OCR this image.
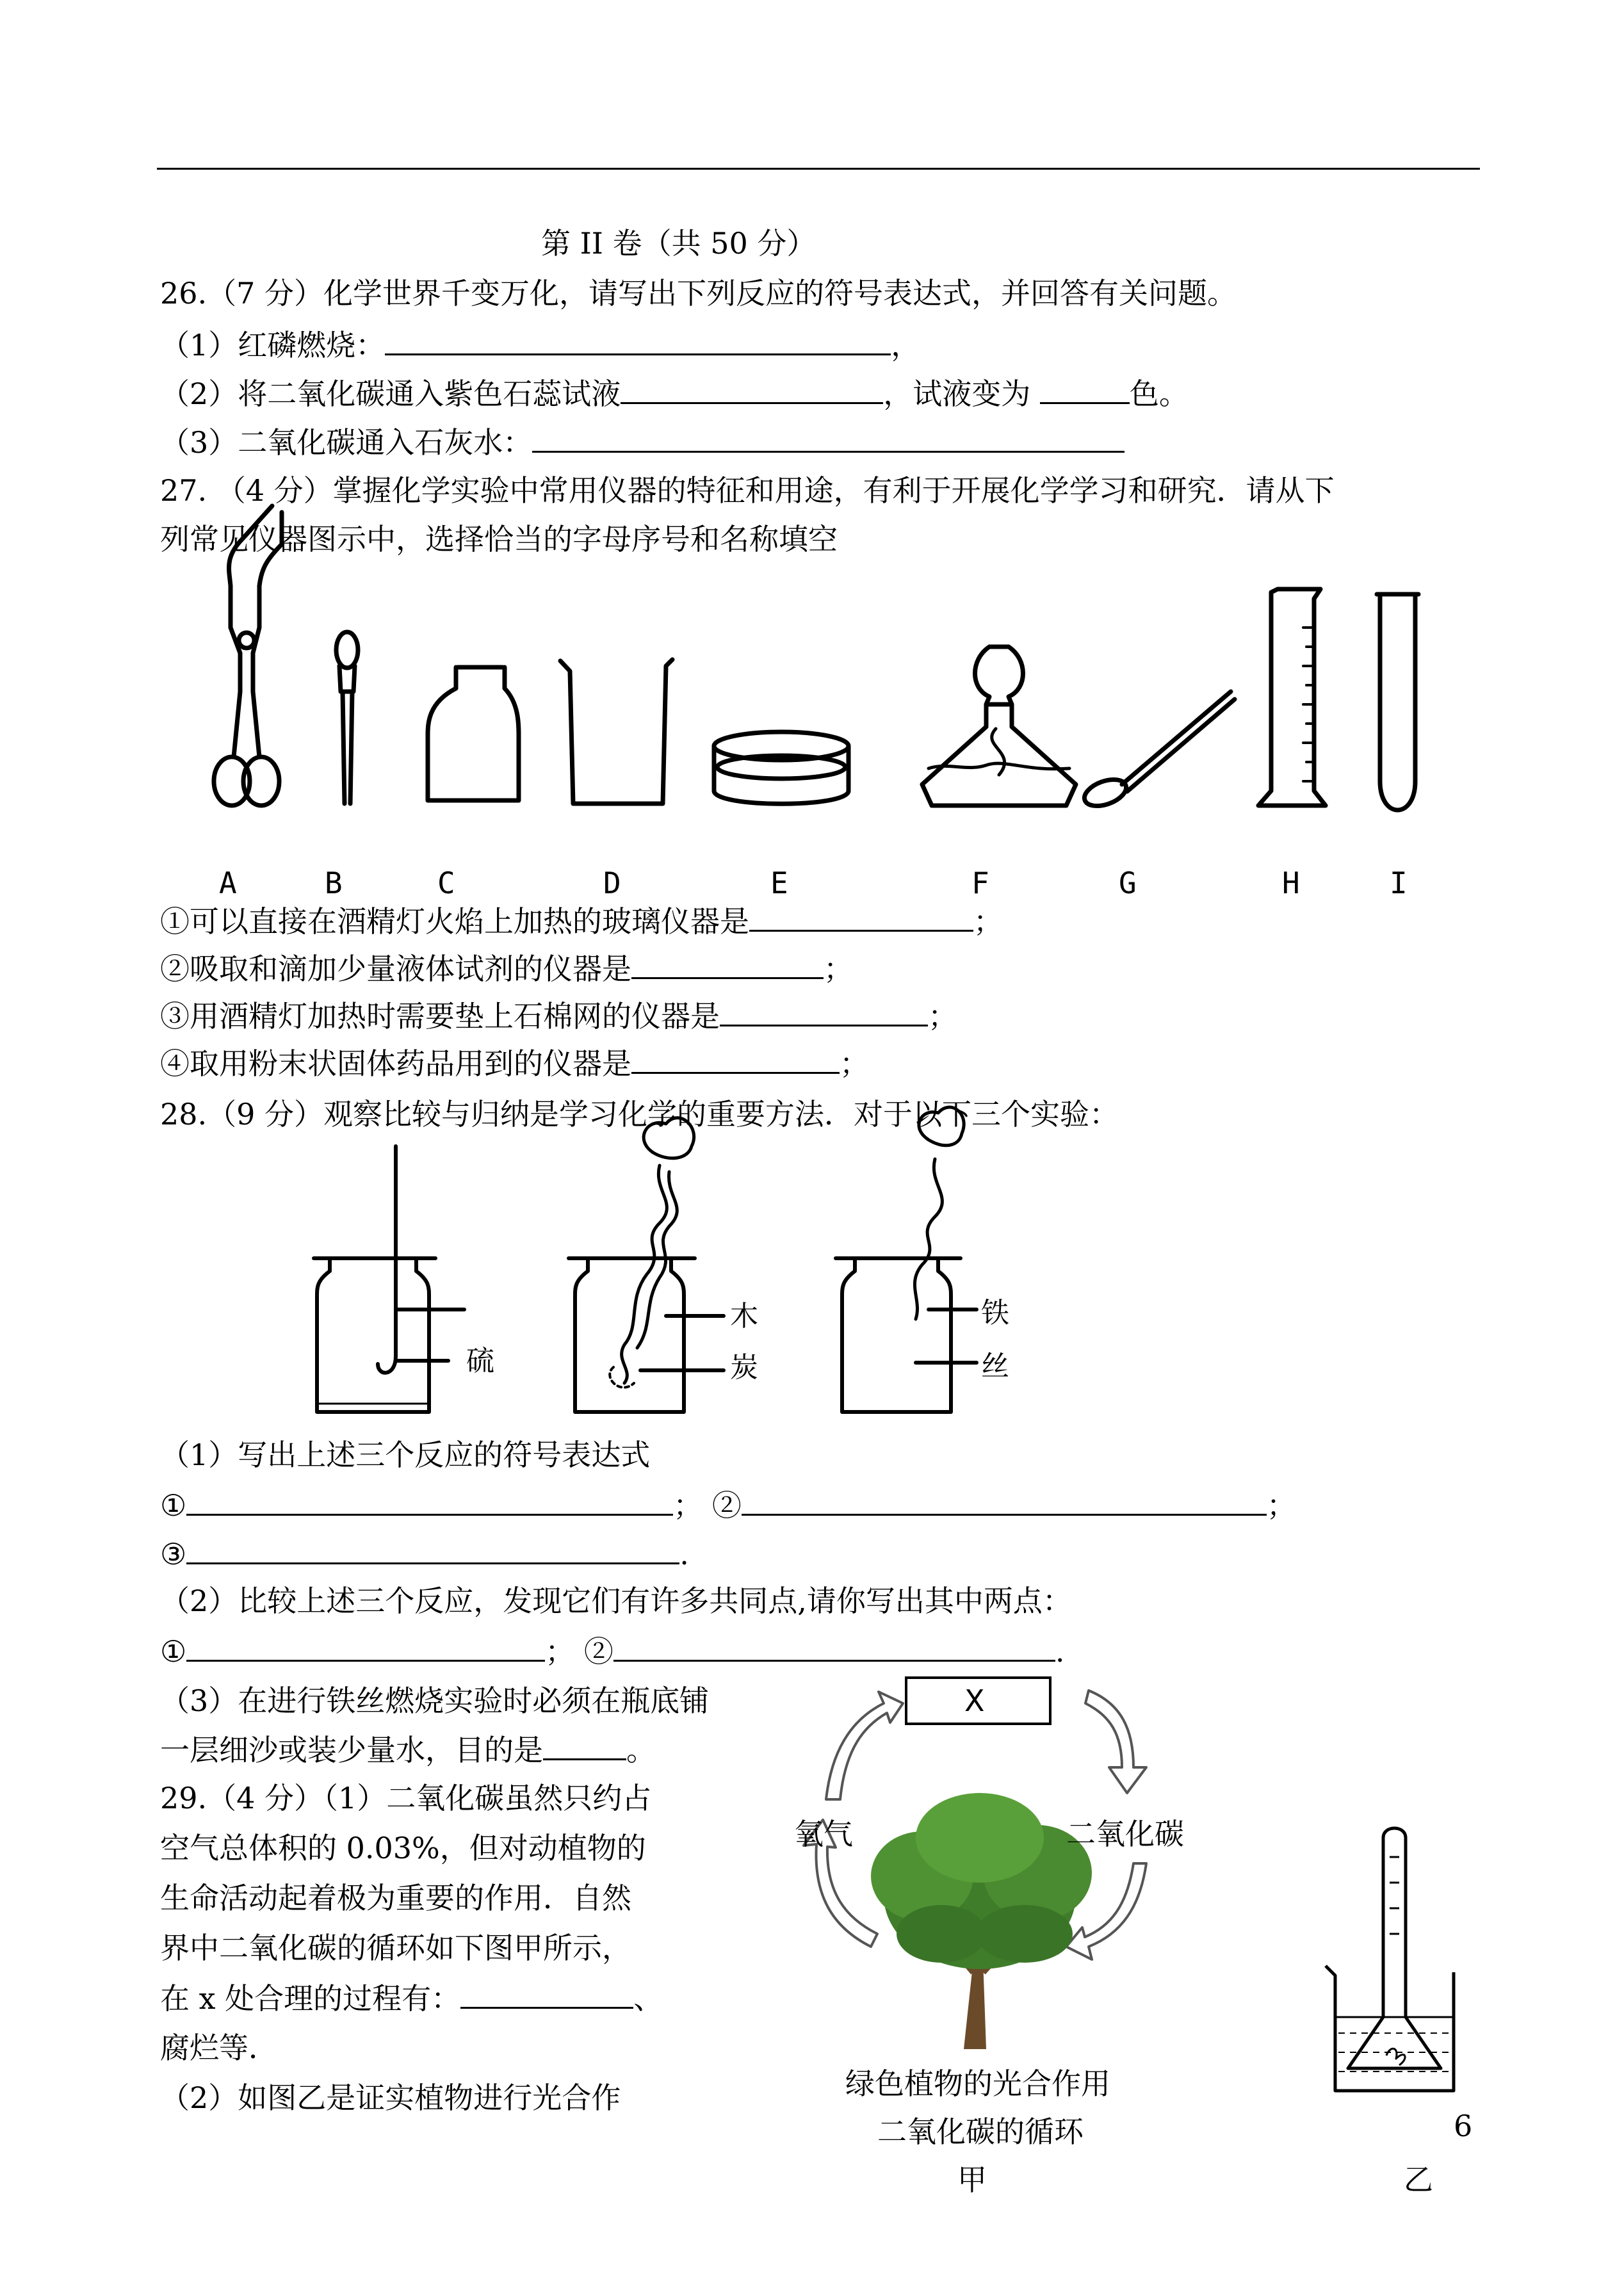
第 II 卷（共 50 分）
26.（7 分）化学世界千变万化，请写出下列反应的符号表达式，并回答有关问题。
（1）红磷燃烧：	，
（2）将二氧化碳通入紫色石蕊试液	，试液变为	色。
（3）二氧化碳通入石灰水：
27. （4 分）掌握化学实验中常用仪器的特征和用途，有利于开展化学学习和研究．请从下
列常见仪器图示中，选择恰当的字母序号和名称填空
A	B	C	D	E	F	G	H	I
①可以直接在酒精灯火焰上加热的玻璃仪器是	；
②吸取和滴加少量液体试剂的仪器是	；
③用酒精灯加热时需要垫上石棉网的仪器是	；
④取用粉末状固体药品用到的仪器是	；
28.（9 分）观察比较与归纳是学习化学的重要方法．对于以下三个实验：
硫
木
炭
铁
丝
（1）写出上述三个反应的符号表达式
①	； ②	；
③	.
（2）比较上述三个反应，发现它们有许多共同点,请你写出其中两点：
①	； ②	.
（3）在进行铁丝燃烧实验时必须在瓶底铺
一层细沙或装少量水，目的是	。
29.（4 分）（1）二氧化碳虽然只约占
空气总体积的 0.03%，但对动植物的
生命活动起着极为重要的作用．自然
界中二氧化碳的循环如下图甲所示，
在 x 处合理的过程有：	、
腐烂等．
（2）如图乙是证实植物进行光合作
X
氧气	二氧化碳
绿色植物的光合作用
二氧化碳的循环
甲	乙
6
